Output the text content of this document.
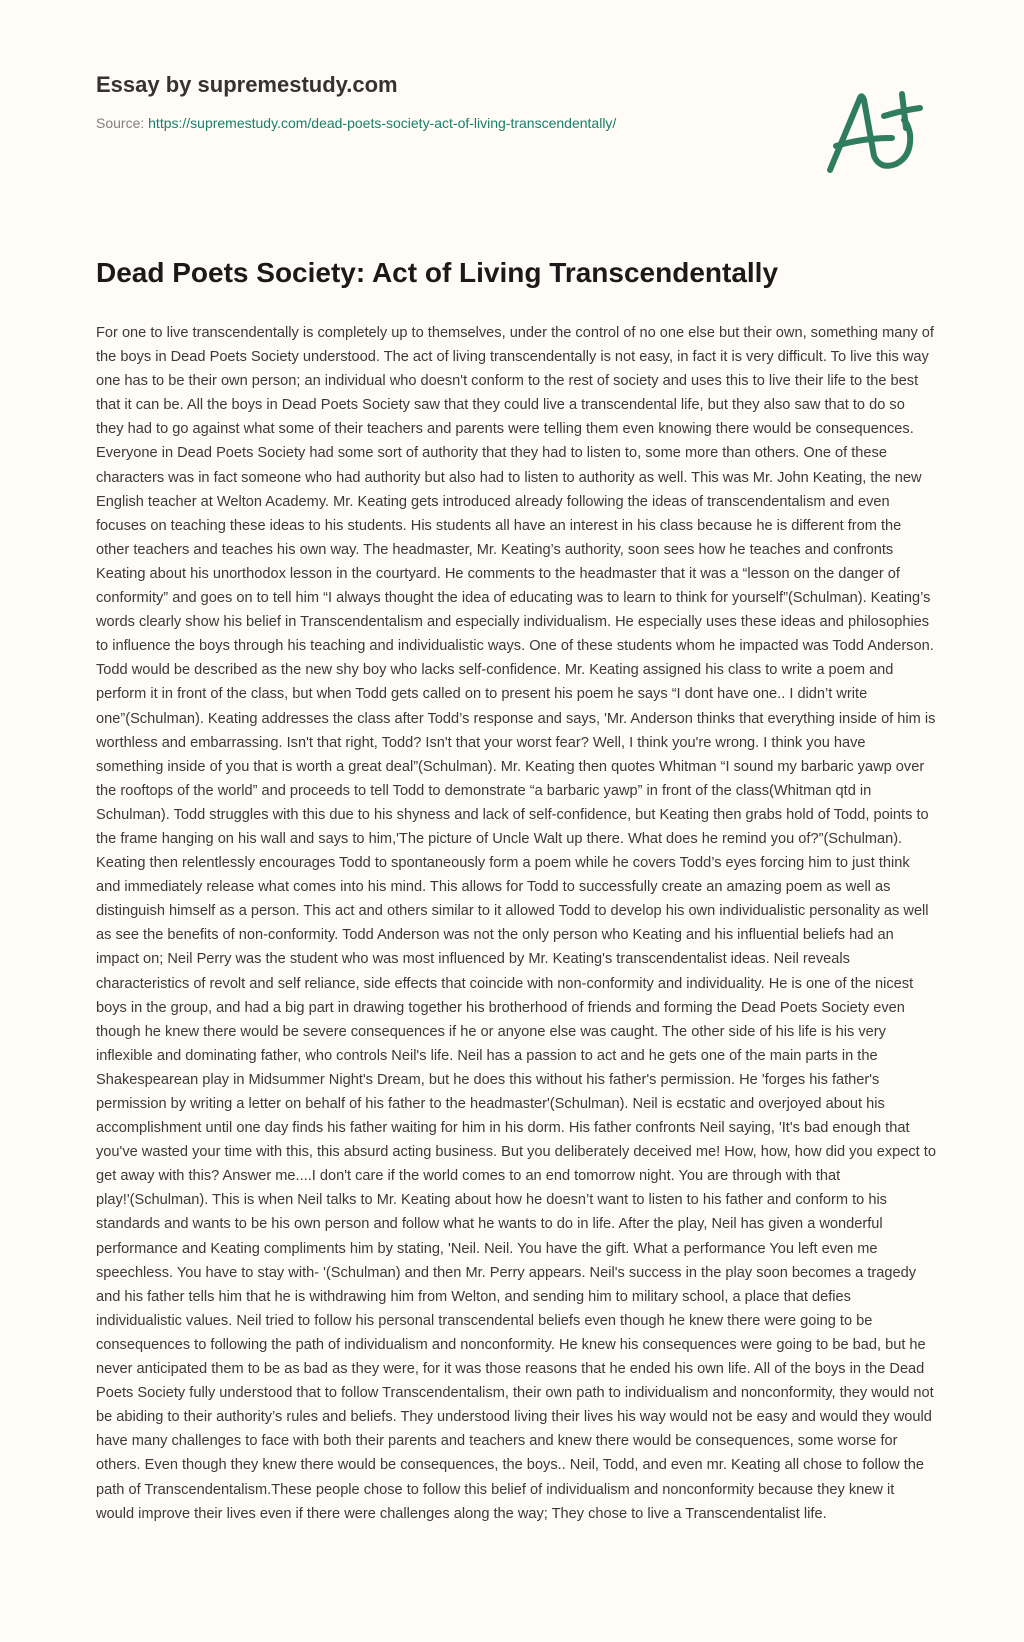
Essay by supremestudy.com
Source: https://supremestudy.com/dead-poets-society-act-of-living-transcendentally/
Dead Poets Society: Act of Living Transcendentally

For one to live transcendentally is completely up to themselves, under the control of no one else but their own, something many of the boys in Dead Poets Society understood. The act of living transcendentally is not easy, in fact it is very difficult. To live this way one has to be their own person; an individual who doesn't conform to the rest of society and uses this to live their life to the best that it can be. All the boys in Dead Poets Society saw that they could live a transcendental life, but they also saw that to do so they had to go against what some of their teachers and parents were telling them even knowing there would be consequences. Everyone in Dead Poets Society had some sort of authority that they had to listen to, some more than others. One of these characters was in fact someone who had authority but also had to listen to authority as well. This was Mr. John Keating, the new English teacher at Welton Academy. Mr. Keating gets introduced already following the ideas of transcendentalism and even focuses on teaching these ideas to his students. His students all have an interest in his class because he is different from the other teachers and teaches his own way. The headmaster, Mr. Keating’s authority, soon sees how he teaches and confronts Keating about his unorthodox lesson in the courtyard. He comments to the headmaster that it was a “lesson on the danger of conformity” and goes on to tell him “I always thought the idea of educating was to learn to think for yourself”(Schulman). Keating’s words clearly show his belief in Transcendentalism and especially individualism. He especially uses these ideas and philosophies to influence the boys through his teaching and individualistic ways. One of these students whom he impacted was Todd Anderson. Todd would be described as the new shy boy who lacks self-confidence. Mr. Keating assigned his class to write a poem and perform it in front of the class, but when Todd gets called on to present his poem he says “I dont have one.. I didn’t write one”(Schulman). Keating addresses the class after Todd’s response and says, 'Mr. Anderson thinks that everything inside of him is worthless and embarrassing. Isn't that right, Todd? Isn't that your worst fear? Well, I think you're wrong. I think you have something inside of you that is worth a great deal”(Schulman). Mr. Keating then quotes Whitman “I sound my barbaric yawp over the rooftops of the world” and proceeds to tell Todd to demonstrate “a barbaric yawp” in front of the class(Whitman qtd in Schulman). Todd struggles with this due to his shyness and lack of self-confidence, but Keating then grabs hold of Todd, points to the frame hanging on his wall and says to him,'The picture of Uncle Walt up there. What does he remind you of?”(Schulman). Keating then relentlessly encourages Todd to spontaneously form a poem while he covers Todd’s eyes forcing him to just think and immediately release what comes into his mind. This allows for Todd to successfully create an amazing poem as well as distinguish himself as a person. This act and others similar to it allowed Todd to develop his own individualistic personality as well as see the benefits of non-conformity. Todd Anderson was not the only person who Keating and his influential beliefs had an impact on; Neil Perry was the student who was most influenced by Mr. Keating's transcendentalist ideas. Neil reveals characteristics of revolt and self reliance, side effects that coincide with non-conformity and individuality. He is one of the nicest boys in the group, and had a big part in drawing together his brotherhood of friends and forming the Dead Poets Society even though he knew there would be severe consequences if he or anyone else was caught. The other side of his life is his very inflexible and dominating father, who controls Neil's life. Neil has a passion to act and he gets one of the main parts in the Shakespearean play in Midsummer Night's Dream, but he does this without his father's permission. He 'forges his father's permission by writing a letter on behalf of his father to the headmaster'(Schulman). Neil is ecstatic and overjoyed about his accomplishment until one day finds his father waiting for him in his dorm. His father confronts Neil saying, 'It's bad enough that you've wasted your time with this, this absurd acting business. But you deliberately deceived me! How, how, how did you expect to get away with this? Answer me....I don't care if the world comes to an end tomorrow night. You are through with that play!'(Schulman). This is when Neil talks to Mr. Keating about how he doesn’t want to listen to his father and conform to his standards and wants to be his own person and follow what he wants to do in life. After the play, Neil has given a wonderful performance and Keating compliments him by stating, 'Neil. Neil. You have the gift. What a performance You left even me speechless. You have to stay with- '(Schulman) and then Mr. Perry appears. Neil's success in the play soon becomes a tragedy and his father tells him that he is withdrawing him from Welton, and sending him to military school, a place that defies individualistic values. Neil tried to follow his personal transcendental beliefs even though he knew there were going to be consequences to following the path of individualism and nonconformity. He knew his consequences were going to be bad, but he never anticipated them to be as bad as they were, for it was those reasons that he ended his own life. All of the boys in the Dead Poets Society fully understood that to follow Transcendentalism, their own path to individualism and nonconformity, they would not be abiding to their authority’s rules and beliefs. They understood living their lives his way would not be easy and would they would have many challenges to face with both their parents and teachers and knew there would be consequences, some worse for others. Even though they knew there would be consequences, the boys.. Neil, Todd, and even mr. Keating all chose to follow the path of Transcendentalism.These people chose to follow this belief of individualism and nonconformity because they knew it would improve their lives even if there were challenges along the way; They chose to live a Transcendentalist life.
